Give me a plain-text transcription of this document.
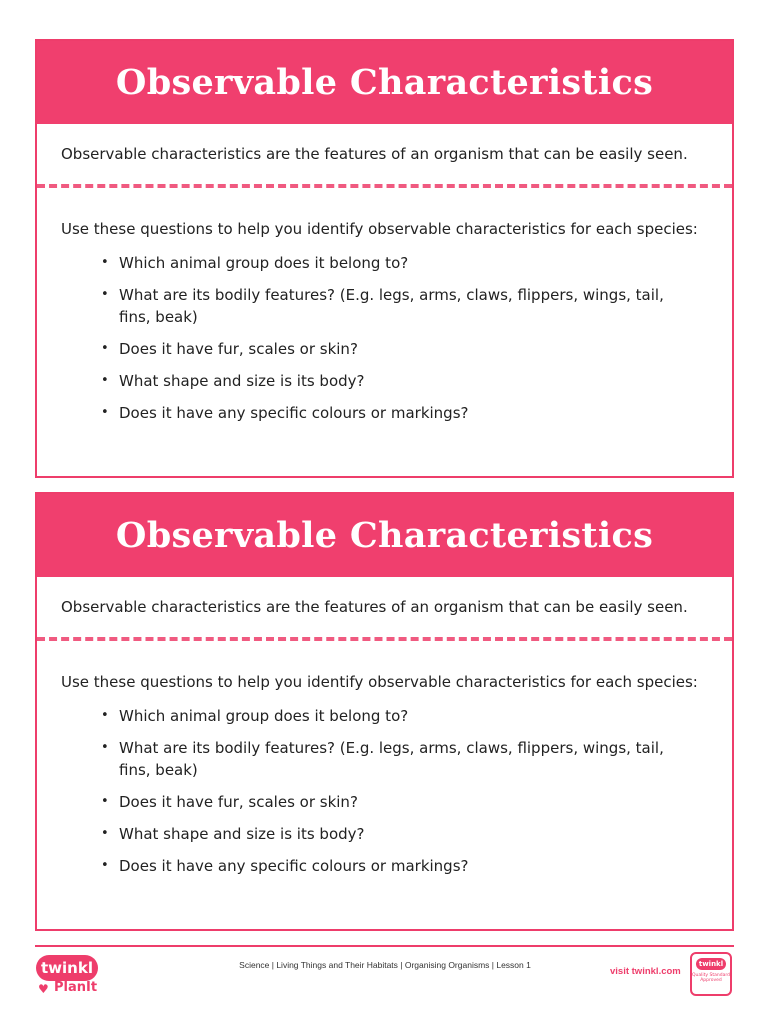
Observable Characteristics
Observable characteristics are the features of an organism that can be easily seen.

Use these questions to help you identify observable characteristics for each species:

• Which animal group does it belong to?
• What are its bodily features? (E.g. legs, arms, claws, flippers, wings, tail, fins, beak)
• Does it have fur, scales or skin?
• What shape and size is its body?
• Does it have any specific colours or markings?
Observable Characteristics
Observable characteristics are the features of an organism that can be easily seen.

Use these questions to help you identify observable characteristics for each species:

• Which animal group does it belong to?
• What are its bodily features? (E.g. legs, arms, claws, flippers, wings, tail, fins, beak)
• Does it have fur, scales or skin?
• What shape and size is its body?
• Does it have any specific colours or markings?
twinkl
♥ PlanIt
Science | Living Things and Their Habitats | Organising Organisms | Lesson 1
visit twinkl.com
twinkl
Quality Standard Approved
